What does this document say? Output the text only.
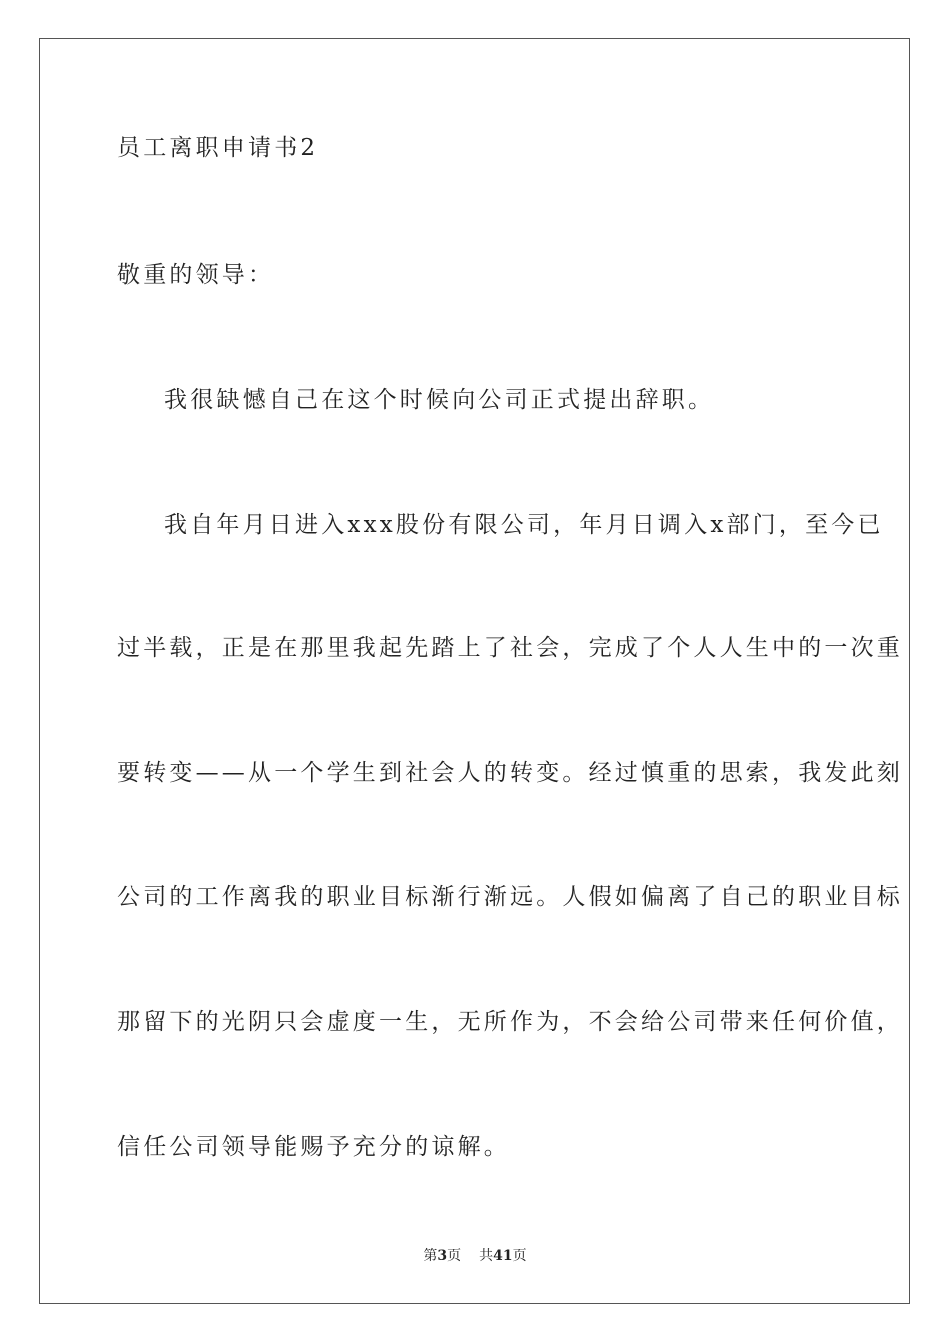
员工离职申请书2
敬重的领导：
我很缺憾自己在这个时候向公司正式提出辞职。
我自年月日进入xxx股份有限公司，年月日调入x部门，至今已
过半载，正是在那里我起先踏上了社会，完成了个人人生中的一次重
要转变——从一个学生到社会人的转变。经过慎重的思索，我发此刻
公司的工作离我的职业目标渐行渐远。人假如偏离了自己的职业目标
那留下的光阴只会虚度一生，无所作为，不会给公司带来任何价值，
信任公司领导能赐予充分的谅解。
第3页 共41页
